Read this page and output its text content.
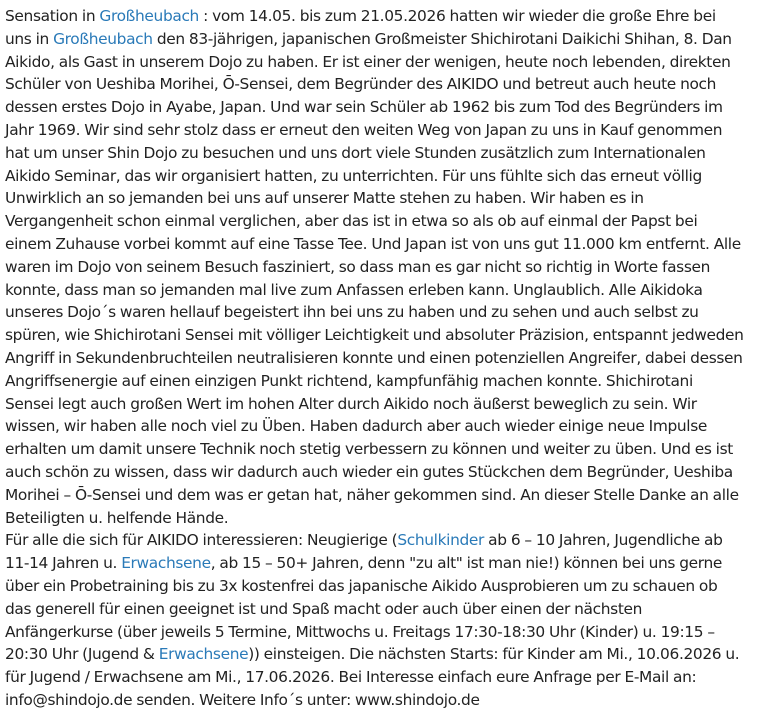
Sensation in Großheubach : vom 14.05. bis zum 21.05.2026 hatten wir wieder die große Ehre bei uns in Großheubach den 83-jährigen, japanischen Großmeister Shichirotani Daikichi Shihan, 8. Dan Aikido, als Gast in unserem Dojo zu haben. Er ist einer der wenigen, heute noch lebenden, direkten Schüler von Ueshiba Morihei, Ō-Sensei, dem Begründer des AIKIDO und betreut auch heute noch dessen erstes Dojo in Ayabe, Japan. Und war sein Schüler ab 1962 bis zum Tod des Begründers im Jahr 1969. Wir sind sehr stolz dass er erneut den weiten Weg von Japan zu uns in Kauf genommen hat um unser Shin Dojo zu besuchen und uns dort viele Stunden zusätzlich zum Internationalen Aikido Seminar, das wir organisiert hatten, zu unterrichten. Für uns fühlte sich das erneut völlig Unwirklich an so jemanden bei uns auf unserer Matte stehen zu haben. Wir haben es in Vergangenheit schon einmal verglichen, aber das ist in etwa so als ob auf einmal der Papst bei einem Zuhause vorbei kommt auf eine Tasse Tee. Und Japan ist von uns gut 11.000 km entfernt. Alle waren im Dojo von seinem Besuch fasziniert, so dass man es gar nicht so richtig in Worte fassen konnte, dass man so jemanden mal live zum Anfassen erleben kann. Unglaublich. Alle Aikidoka unseres Dojo´s waren hellauf begeistert ihn bei uns zu haben und zu sehen und auch selbst zu spüren, wie Shichirotani Sensei mit völliger Leichtigkeit und absoluter Präzision, entspannt jedweden Angriff in Sekundenbruchteilen neutralisieren konnte und einen potenziellen Angreifer, dabei dessen Angriffsenergie auf einen einzigen Punkt richtend, kampfunfähig machen konnte. Shichirotani Sensei legt auch großen Wert im hohen Alter durch Aikido noch äußerst beweglich zu sein. Wir wissen, wir haben alle noch viel zu Üben. Haben dadurch aber auch wieder einige neue Impulse erhalten um damit unsere Technik noch stetig verbessern zu können und weiter zu üben. Und es ist auch schön zu wissen, dass wir dadurch auch wieder ein gutes Stückchen dem Begründer, Ueshiba Morihei – Ō-Sensei und dem was er getan hat, näher gekommen sind. An dieser Stelle Danke an alle Beteiligten u. helfende Hände.

Für alle die sich für AIKIDO interessieren: Neugierige (Schulkinder ab 6 – 10 Jahren, Jugendliche ab 11-14 Jahren u. Erwachsene, ab 15 – 50+ Jahren, denn "zu alt" ist man nie!) können bei uns gerne über ein Probetraining bis zu 3x kostenfrei das japanische Aikido Ausprobieren um zu schauen ob das generell für einen geeignet ist und Spaß macht oder auch über einen der nächsten Anfängerkurse (über jeweils 5 Termine, Mittwochs u. Freitags 17:30-18:30 Uhr (Kinder) u. 19:15 – 20:30 Uhr (Jugend & Erwachsene)) einsteigen. Die nächsten Starts: für Kinder am Mi., 10.06.2026 u. für Jugend / Erwachsene am Mi., 17.06.2026. Bei Interesse einfach eure Anfrage per E-Mail an: info@shindojo.de senden. Weitere Info´s unter: www.shindojo.de
